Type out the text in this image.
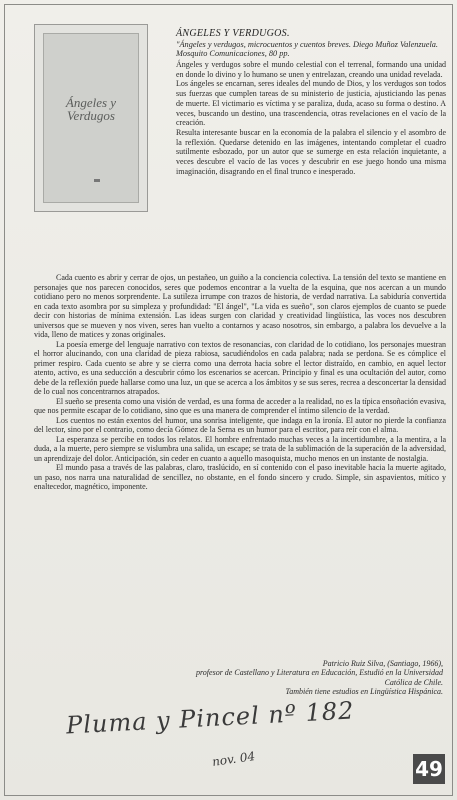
Ángeles y Verdugos
ÁNGELES Y VERDUGOS.
"Ángeles y verdugos, microcuentos y cuentos breves. Diego Muñoz Valenzuela. Mosquito Comunicaciones, 80 pp.

Ángeles y verdugos sobre el mundo celestial con el terrenal, formando una unidad en donde lo divino y lo humano se unen y entrelazan, creando una unidad revelada.

Los ángeles se encarnan, seres ideales del mundo de Dios, y los verdugos son todos sus fuerzas que cumplen tareas de su ministerio de justicia, ajusticiando las penas de muerte. El victimario es víctima y se paraliza, duda, acaso su forma o destino. A veces, buscando un destino, una trascendencia, otras revelaciones en el vacío de la creación.

Resulta interesante buscar en la economía de la palabra el silencio y el asombro de la reflexión. Quedarse detenido en las imágenes, intentando completar el cuadro sutilmente esbozado, por un autor que se sumerge en esta relación inquietante, a veces descubre el vacío de las voces y descubrir en ese juego hondo una misma imaginación, disagrando en el final trunco e inesperado.

Cada cuento es abrir y cerrar de ojos, un pestañeo, un guiño a la conciencia colectiva. La tensión del texto se mantiene en personajes que nos parecen conocidos, seres que podemos encontrar a la vuelta de la esquina, que nos acercan a un mundo cotidiano pero no menos sorprendente. La sutileza irrumpe con trazos de historia, de verdad narrativa. La sabiduría convertida en cada texto asombra por su simpleza y profundidad: "El ángel", "La vida es sueño", son claros ejemplos de cuanto se puede decir con historias de mínima extensión. Las ideas surgen con claridad y creatividad lingüística, las voces nos descubren universos que se mueven y nos viven, seres han vuelto a contarnos y acaso nosotros, sin embargo, a palabra los devuelve a la vida, lleno de matices y zonas originales.

La poesía emerge del lenguaje narrativo con textos de resonancias, con claridad de lo cotidiano, los personajes muestran el horror alucinando, con una claridad de pieza rabiosa, sacudiéndolos en cada palabra; nada se perdona. Se es cómplice el primer respiro. Cada cuento se abre y se cierra como una derrota hacia sobre el lector distraído, en cambio, en aquel lector atento, activo, es una seducción a descubrir cómo los escenarios se acercan. Principio y final es una ocultación del autor, como debe de la reflexión puede hallarse como una luz, un que se acerca a los ámbitos y se sus seres, recrea a desconcertar la densidad de lo cual nos concentrarnos atrapados.

El sueño se presenta como una visión de verdad, es una forma de acceder a la realidad, no es la típica ensoñación evasiva, que nos permite escapar de lo cotidiano, sino que es una manera de comprender el íntimo silencio de la verdad.

Los cuentos no están exentos del humor, una sonrisa inteligente, que indaga en la ironía. El autor no pierde la confianza del lector, sino por el contrario, como decía Gómez de la Serna es un humor para el escritor, para reír con el alma.

La esperanza se percibe en todos los relatos. El hombre enfrentado muchas veces a la incertidumbre, a la mentira, a la duda, a la muerte, pero siempre se vislumbra una salida, un escape; se trata de la sublimación de la superación de la adversidad, un aprendizaje del dolor. Anticipación, sin ceder en cuanto a aquello masoquista, mucho menos en un instante de nostalgia.

El mundo pasa a través de las palabras, claro, traslúcido, en sí contenido con el paso inevitable hacia la muerte agitado, un paso, nos narra una naturalidad de sencillez, no obstante, en el fondo sincero y crudo. Simple, sin aspavientos, mítico y enaltecedor, magnético, imponente.

Patricio Ruiz Silva, (Santiago, 1966),
profesor de Castellano y Literatura en Educación, Estudió en la Universidad Católica de Chile.
También tiene estudios en Lingüística Hispánica.
Pluma y Pincel nº 182
nov. 04	49
